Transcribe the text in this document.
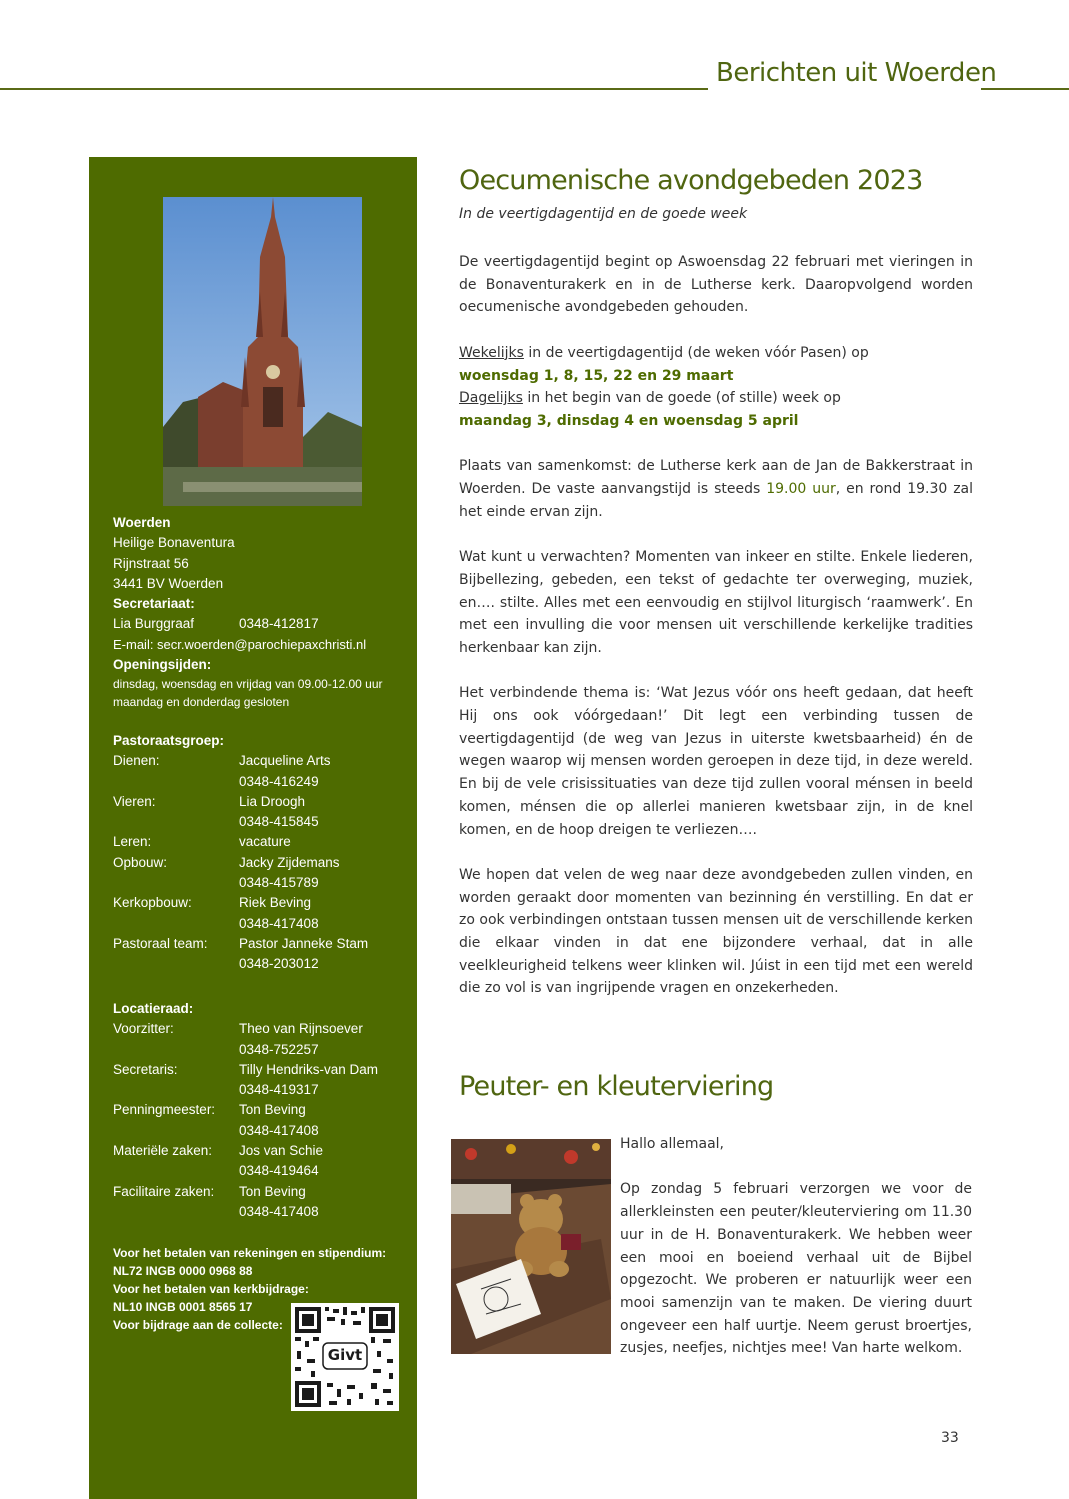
Berichten uit Woerden
Woerden
Heilige Bonaventura
Rijnstraat 56
3441 BV Woerden
Secretariaat:
Lia Burggraaf	0348-412817
E-mail: secr.woerden@parochiepaxchristi.nl
Openingsijden:
dinsdag, woensdag en vrijdag van 09.00-12.00 uur
maandag en donderdag gesloten
Pastoraatsgroep:
Dienen:	Jacqueline Arts
0348-416249
Vieren:	Lia Droogh
0348-415845
Leren:	vacature
Opbouw:	Jacky Zijdemans
0348-415789
Kerkopbouw:	Riek Beving
0348-417408
Pastoraal team:	Pastor Janneke Stam
0348-203012
Locatieraad:
Voorzitter:	Theo van Rijnsoever
0348-752257
Secretaris:	Tilly Hendriks-van Dam
0348-419317
Penningmeester:	Ton Beving
0348-417408
Materiële zaken:	Jos van Schie
0348-419464
Facilitaire zaken:	Ton Beving
0348-417408
Voor het betalen van rekeningen en stipendium:
NL72 INGB 0000 0968 88
Voor het betalen van kerkbijdrage:
NL10 INGB 0001 8565 17
Voor bijdrage aan de collecte:
Givt
Oecumenische avondgebeden 2023
In de veertigdagentijd en de goede week

De veertigdagentijd begint op Aswoensdag 22 februari met vieringen in de Bonaventurakerk en in de Lutherse kerk. Daaropvolgend worden oecumenische avondgebeden gehouden.

Wekelijks in de veertigdagentijd (de weken vóór Pasen) op

woensdag 1, 8, 15, 22 en 29 maart

Dagelijks in het begin van de goede (of stille) week op

maandag 3, dinsdag 4 en woensdag 5 april

Plaats van samenkomst: de Lutherse kerk aan de Jan de Bakkerstraat in Woerden. De vaste aanvangstijd is steeds 19.00 uur, en rond 19.30 zal het einde ervan zijn.

Wat kunt u verwachten? Momenten van inkeer en stilte. Enkele liederen, Bijbellezing, gebeden, een tekst of gedachte ter overweging, muziek, en…. stilte. Alles met een eenvoudig en stijlvol liturgisch ‘raamwerk’. En met een invulling die voor mensen uit verschillende kerkelijke tradities herkenbaar kan zijn.

Het verbindende thema is: ‘Wat Jezus vóór ons heeft gedaan, dat heeft Hij ons ook vóórgedaan!’ Dit legt een verbinding tussen de veertigdagentijd (de weg van Jezus in uiterste kwetsbaarheid) én de wegen waarop wij mensen worden geroepen in deze tijd, in deze wereld. En bij de vele crisissituaties van deze tijd zullen vooral ménsen in beeld komen, ménsen die op allerlei manieren kwetsbaar zijn, in de knel komen, en de hoop dreigen te verliezen….

We hopen dat velen de weg naar deze avondgebeden zullen vinden, en worden geraakt door momenten van bezinning én verstilling. En dat er zo ook verbindingen ontstaan tussen mensen uit de verschillende kerken die elkaar vinden in dat ene bijzondere verhaal, dat in alle veelkleurigheid telkens weer klinken wil. Júist in een tijd met een wereld die zo vol is van ingrijpende vragen en onzekerheden.

Peuter- en kleuterviering

Hallo allemaal,

Op zondag 5 februari verzorgen we voor de allerkleinsten een peuter/kleuterviering om 11.30 uur in de H. Bonaventurakerk. We hebben weer een mooi en boeiend verhaal uit de Bijbel opgezocht. We proberen er natuurlijk weer een mooi samenzijn van te maken. De viering duurt ongeveer een half uurtje. Neem gerust broertjes, zusjes, neefjes, nichtjes mee! Van harte welkom.

33
